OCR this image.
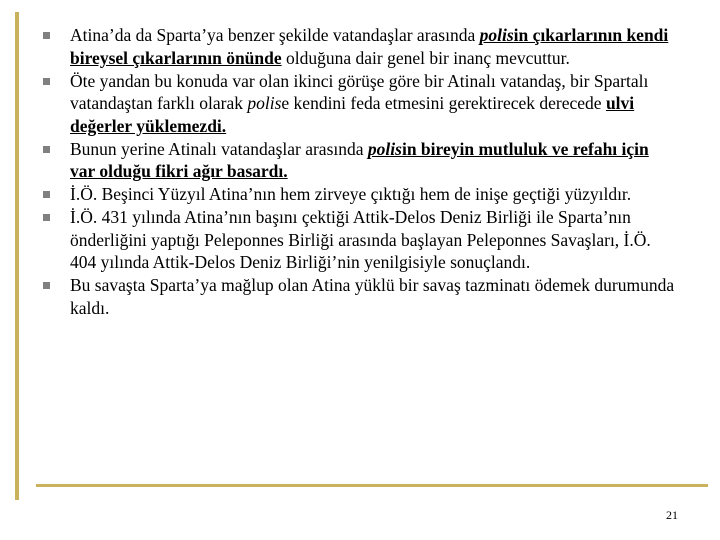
Atina’da da Sparta’ya benzer şekilde vatandaşlar arasında polisin çıkarlarının kendi bireysel çıkarlarının önünde olduğuna dair genel bir inanç mevcuttur.
Öte yandan bu konuda var olan ikinci görüşe göre bir Atinalı vatandaş, bir Spartalı vatandaştan farklı olarak polise kendini feda etmesini gerektirecek derecede ulvi değerler yüklemezdi.
Bunun yerine Atinalı vatandaşlar arasında polisin bireyin mutluluk ve refahı için var olduğu fikri ağır basardı.
İ.Ö. Beşinci Yüzyıl Atina’nın hem zirveye çıktığı hem de inişe geçtiği yüzyıldır.
İ.Ö. 431 yılında Atina’nın başını çektiği Attik-Delos Deniz Birliği ile Sparta’nın önderliğini yaptığı Peleponnes Birliği arasında başlayan Peleponnes Savaşları, İ.Ö. 404 yılında Attik-Delos Deniz Birliği’nin yenilgisiyle sonuçlandı.
Bu savaşta Sparta’ya mağlup olan Atina yüklü bir savaş tazminatı ödemek durumunda kaldı.
21
